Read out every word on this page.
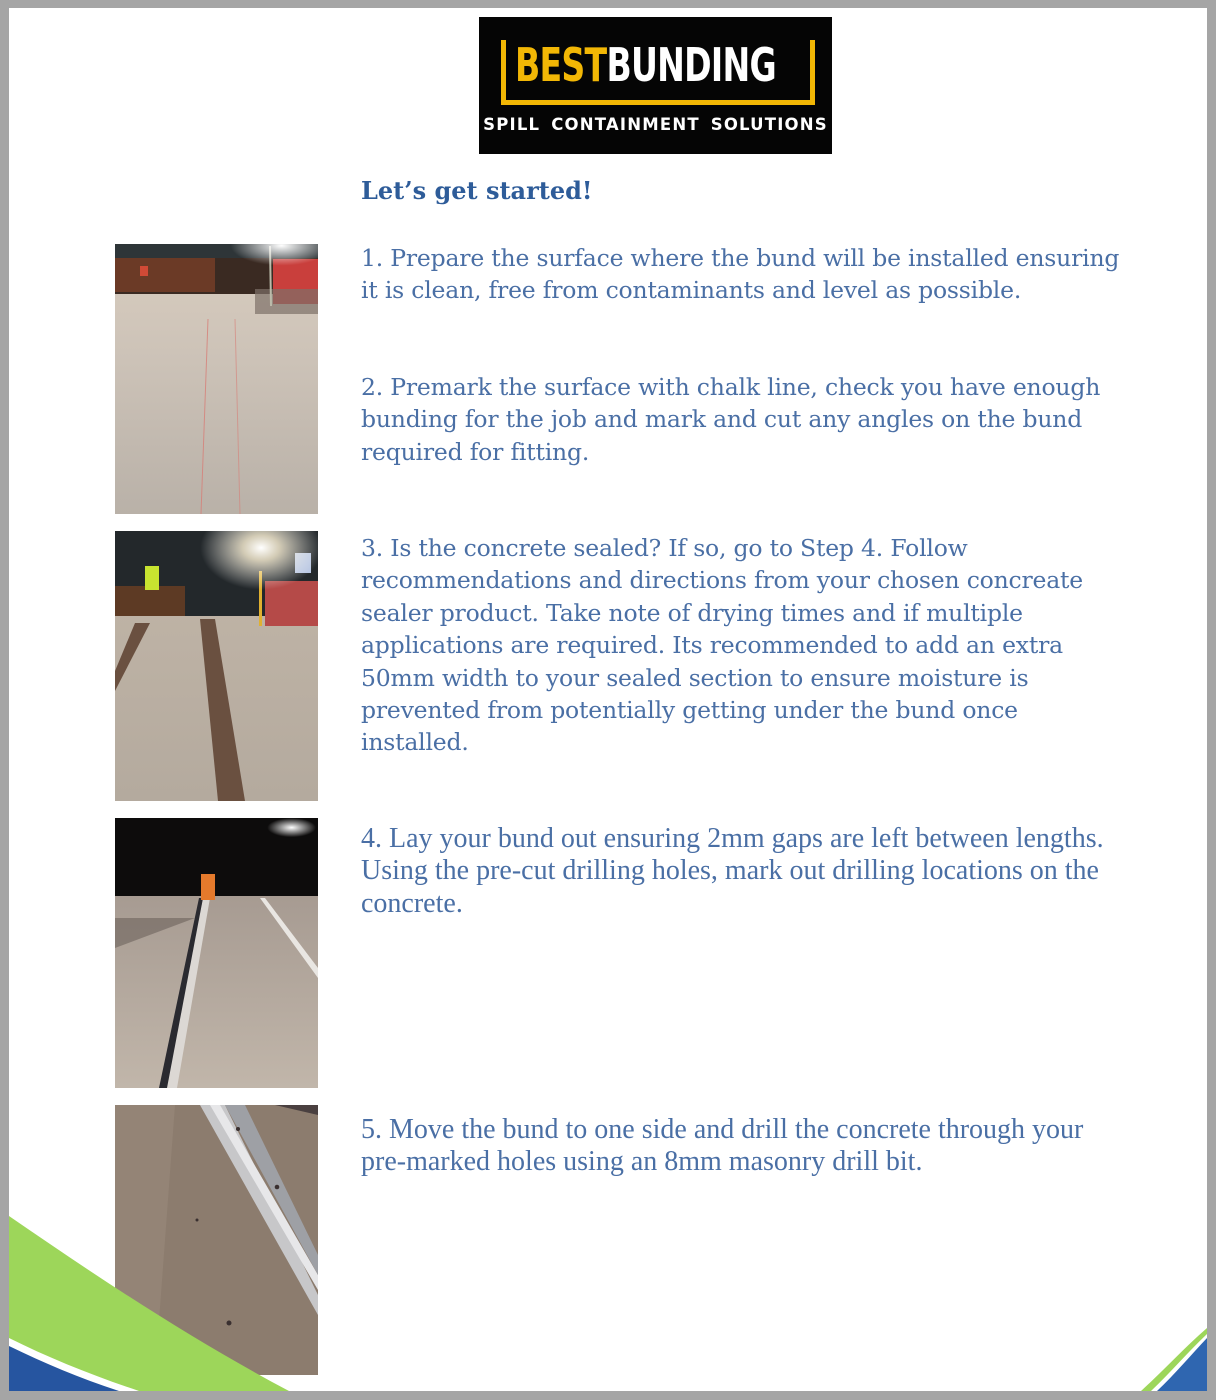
BESTBUNDING
SPILL CONTAINMENT SOLUTIONS
Let’s get started!

1. Prepare the surface where the bund will be installed ensuring it is clean, free from contaminants and level as possible.

2. Premark the surface with chalk line, check you have enough bunding for the job and mark and cut any angles on the bund required for fitting.

3. Is the concrete sealed? If so, go to Step 4. Follow recommendations and directions from your chosen concreate sealer product. Take note of drying times and if multiple applications are required. Its recommended to add an extra 50mm width to your sealed section to ensure moisture is prevented from potentially getting under the bund once installed.

4. Lay your bund out ensuring 2mm gaps are left between lengths. Using the pre-cut drilling holes, mark out drilling locations on the concrete.

5. Move the bund to one side and drill the concrete through your pre-marked holes using an 8mm masonry drill bit.
